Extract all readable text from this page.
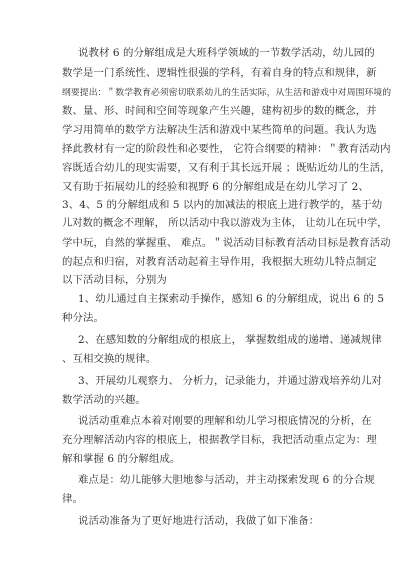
说教材 6 的分解组成是大班科学领域的一节数学活动，幼儿园的
数学是一门系统性、逻辑性很强的学科，有着自身的特点和规律，新
纲要提出：＂数学教育必须密切联系幼儿的生活实际，从生活和游戏中对周围环境的
数、量、形、时间和空间等现象产生兴趣，建构初步的数的概念，并
学习用简单的数学方法解决生活和游戏中某些简单的问题。我认为选
择此教材有一定的阶段性和必要性， 它符合纲要的精神：＂教育活动内
容既适合幼儿的现实需要，又有利于其长远开展 ；既贴近幼儿的生活，
又有助于拓展幼儿的经验和视野 6 的分解组成是在幼儿学习了 2、
3、4、5 的分解组成和 5 以内的加减法的根底上进行教学的，基于幼
儿对数的概念不理解， 所以活动中我以游戏为主体， 让幼儿在玩中学，
学中玩，自然的掌握重、 难点。＂说活动目标教育活动目标是教育活动
的起点和归宿，对教育活动起着主导作用，我根据大班幼儿特点制定
以下活动目标，分别为
1、幼儿通过自主探索动手操作，感知 6 的分解组成，说出 6 的 5
种分法。
2、在感知数的分解组成的根底上， 掌握数组成的递增、递减规律
、互相交换的规律。
3、开展幼儿观察力、 分析力，记录能力，并通过游戏培养幼儿对
数学活动的兴趣。
说活动重难点本着对刚要的理解和幼儿学习根底情况的分析，在
充分理解活动内容的根底上，根据教学目标，我把活动重点定为：理
解和掌握 6 的分解组成。
难点是：幼儿能够大胆地参与活动，并主动探索发现 6 的分合规
律。
说活动准备为了更好地进行活动，我做了如下准备：
